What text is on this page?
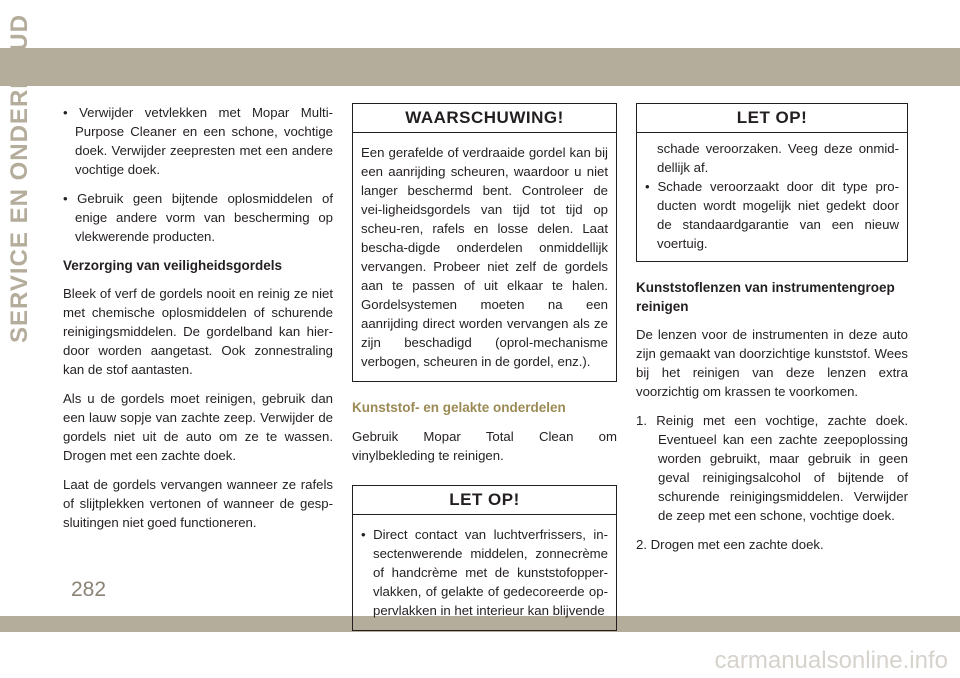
SERVICE EN ONDERHOUD
•	Verwijder vetvlekken met Mopar Multi-Purpose Cleaner en een schone, vochtige doek. Verwijder zeepresten met een andere vochtige doek.
• Gebruik geen bijtende oplosmiddelen of enige andere vorm van bescherming op vlekwerende producten.
Verzorging van veiligheidsgordels

Bleek of verf de gordels nooit en reinig ze niet met chemische oplosmiddelen of schurende reinigingsmiddelen. De gordelband kan hier-door worden aangetast. Ook zonnestraling kan de stof aantasten.

Als u de gordels moet reinigen, gebruik dan een lauw sopje van zachte zeep. Verwijder de gordels niet uit de auto om ze te wassen. Drogen met een zachte doek.

Laat de gordels vervangen wanneer ze rafels of slijtplekken vertonen of wanneer de gesp-sluitingen niet goed functioneren.

WAARSCHUWING!

Een gerafelde of verdraaide gordel kan bij een aanrijding scheuren, waardoor u niet langer beschermd bent. Controleer de vei-ligheidsgordels van tijd tot tijd op scheu-ren, rafels en losse delen. Laat bescha-digde onderdelen onmiddellijk vervangen. Probeer niet zelf de gordels aan te passen of uit elkaar te halen. Gordelsystemen moeten na een aanrijding direct worden vervangen als ze zijn beschadigd (oprol-mechanisme verbogen, scheuren in de gordel, enz.).

Kunststof- en gelakte onderdelen

Gebruik Mopar Total Clean om vinylbekleding te reinigen.

LET OP!
• Direct contact van luchtverfrissers, in-sectenwerende middelen, zonnecrème of handcrème met de kunststofopper-vlakken, of gelakte of gedecoreerde op-pervlakken in het interieur kan blijvende
LET OP!

schade veroorzaken. Veeg deze onmid-dellijk af.

• Schade veroorzaakt door dit type pro-ducten wordt mogelijk niet gedekt door de standaardgarantie van een nieuw voertuig.
Kunststoflenzen van instrumentengroep reinigen

De lenzen voor de instrumenten in deze auto zijn gemaakt van doorzichtige kunststof. Wees bij het reinigen van deze lenzen extra voorzichtig om krassen te voorkomen.

1. Reinig met een vochtige, zachte doek. Eventueel kan een zachte zeepoplossing worden gebruikt, maar gebruik in geen geval reinigingsalcohol of bijtende of schurende reinigingsmiddelen. Verwijder de zeep met een schone, vochtige doek.
2. Drogen met een zachte doek.
282
carmanualsonline.info
